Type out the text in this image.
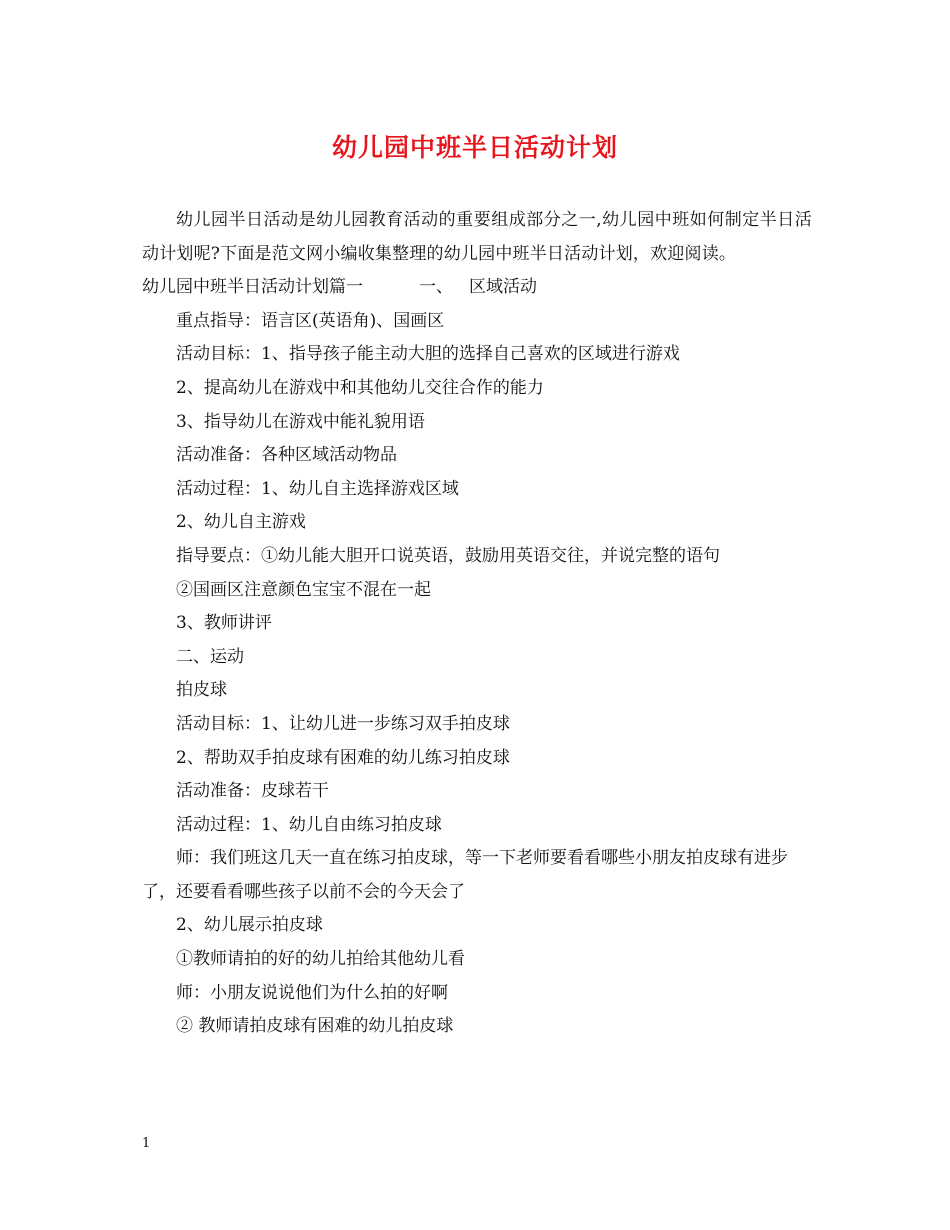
幼儿园中班半日活动计划

幼儿园半日活动是幼儿园教育活动的重要组成部分之一,幼儿园中班如何制定半日活动计划呢?下面是范文网小编收集整理的幼儿园中班半日活动计划，欢迎阅读。

幼儿园中班半日活动计划篇一	一、 区域活动

重点指导：语言区(英语角)、国画区

活动目标：1、指导孩子能主动大胆的选择自己喜欢的区域进行游戏

2、提高幼儿在游戏中和其他幼儿交往合作的能力

3、指导幼儿在游戏中能礼貌用语

活动准备：各种区域活动物品

活动过程：1、幼儿自主选择游戏区域

2、幼儿自主游戏

指导要点：①幼儿能大胆开口说英语，鼓励用英语交往，并说完整的语句

②国画区注意颜色宝宝不混在一起

3、教师讲评

二、运动

拍皮球

活动目标：1、让幼儿进一步练习双手拍皮球

2、帮助双手拍皮球有困难的幼儿练习拍皮球

活动准备：皮球若干

活动过程：1、幼儿自由练习拍皮球

师：我们班这几天一直在练习拍皮球，等一下老师要看看哪些小朋友拍皮球有进步了，还要看看哪些孩子以前不会的今天会了

2、幼儿展示拍皮球

①教师请拍的好的幼儿拍给其他幼儿看

师：小朋友说说他们为什么拍的好啊

② 教师请拍皮球有困难的幼儿拍皮球

1
